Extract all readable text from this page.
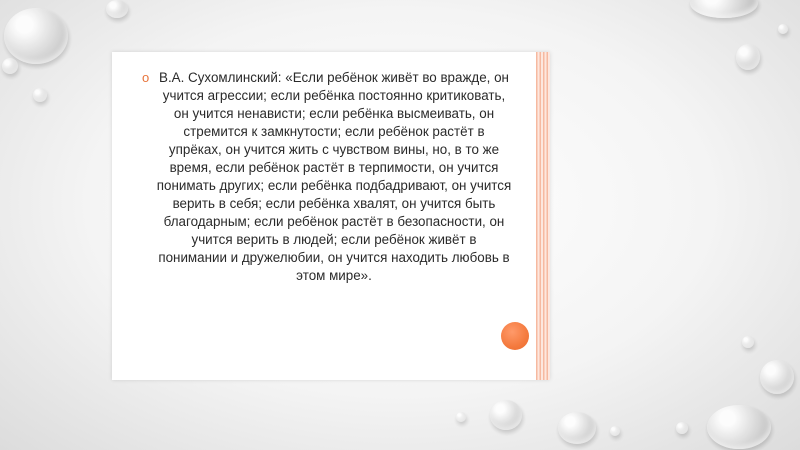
o В.А. Сухомлинский: «Если ребёнок живёт во вражде, он учится агрессии; если ребёнка постоянно критиковать, он учится ненависти; если ребёнка высмеивать, он стремится к замкнутости; если ребёнок растёт в упрёках, он учится жить с чувством вины, но, в то же время, если ребёнок растёт в терпимости, он учится понимать других; если ребёнка подбадривают, он учится верить в себя; если ребёнка хвалят, он учится быть благодарным; если ребёнок растёт в безопасности, он учится верить в людей; если ребёнок живёт в понимании и дружелюбии, он учится находить любовь в этом мире».
